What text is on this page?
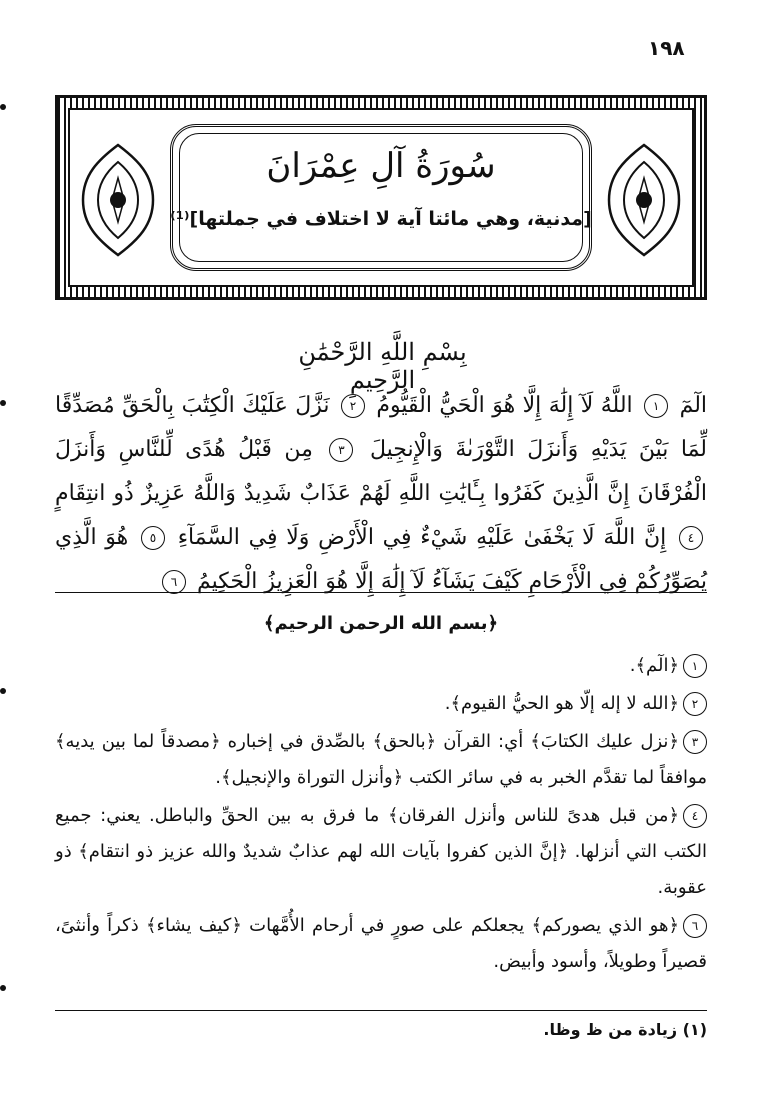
١٩٨
سُورَةُ آلِ عِمْرَانَ
[مدنية، وهي مائتا آية لا اختلاف في جملتها]⁽¹⁾
بِسْمِ اللَّهِ الرَّحْمَٰنِ الرَّحِيمِ
الٓمٓ ١ اللَّهُ لَآ إِلَٰهَ إِلَّا هُوَ الْحَيُّ الْقَيُّومُ ٢ نَزَّلَ عَلَيْكَ الْكِتَٰبَ بِالْحَقِّ مُصَدِّقًا لِّمَا بَيْنَ يَدَيْهِ وَأَنزَلَ التَّوْرَىٰةَ وَالْإِنجِيلَ ٣ مِن قَبْلُ هُدًى لِّلنَّاسِ وَأَنزَلَ الْفُرْقَانَ إِنَّ الَّذِينَ كَفَرُوا بِـَٔايَٰتِ اللَّهِ لَهُمْ عَذَابٌ شَدِيدٌ وَاللَّهُ عَزِيزٌ ذُو انتِقَامٍ ٤ إِنَّ اللَّهَ لَا يَخْفَىٰ عَلَيْهِ شَيْءٌ فِي الْأَرْضِ وَلَا فِي السَّمَآءِ ٥ هُوَ الَّذِي يُصَوِّرُكُمْ فِي الْأَرْحَامِ كَيْفَ يَشَآءُ لَآ إِلَٰهَ إِلَّا هُوَ الْعَزِيزُ الْحَكِيمُ ٦
﴿بسم الله الرحمن الرحيم﴾

١﴿الٓم﴾.

٢﴿الله لا إله إلّا هو الحيُّ القيوم﴾.

٣﴿نزل عليك الكتابَ﴾ أي: القرآن ﴿بالحق﴾ بالصِّدق في إخباره ﴿مصدقاً لما بين يديه﴾ موافقاً لما تقدَّم الخبر به في سائر الكتب ﴿وأنزل التوراة والإنجيل﴾.

٤﴿من قبل هدىً للناس وأنزل الفرقان﴾ ما فرق به بين الحقِّ والباطل. يعني: جميع الكتب التي أنزلها. ﴿إنَّ الذين كفروا بآيات الله لهم عذابٌ شديدٌ والله عزيز ذو انتقام﴾ ذو عقوبة.

٦﴿هو الذي يصوركم﴾ يجعلكم على صورٍ في أرحام الأُمَّهات ﴿كيف يشاء﴾ ذكراً وأنثىً، قصيراً وطويلاً، وأسود وأبيض.

(١) زيادة من ظ وظا.
